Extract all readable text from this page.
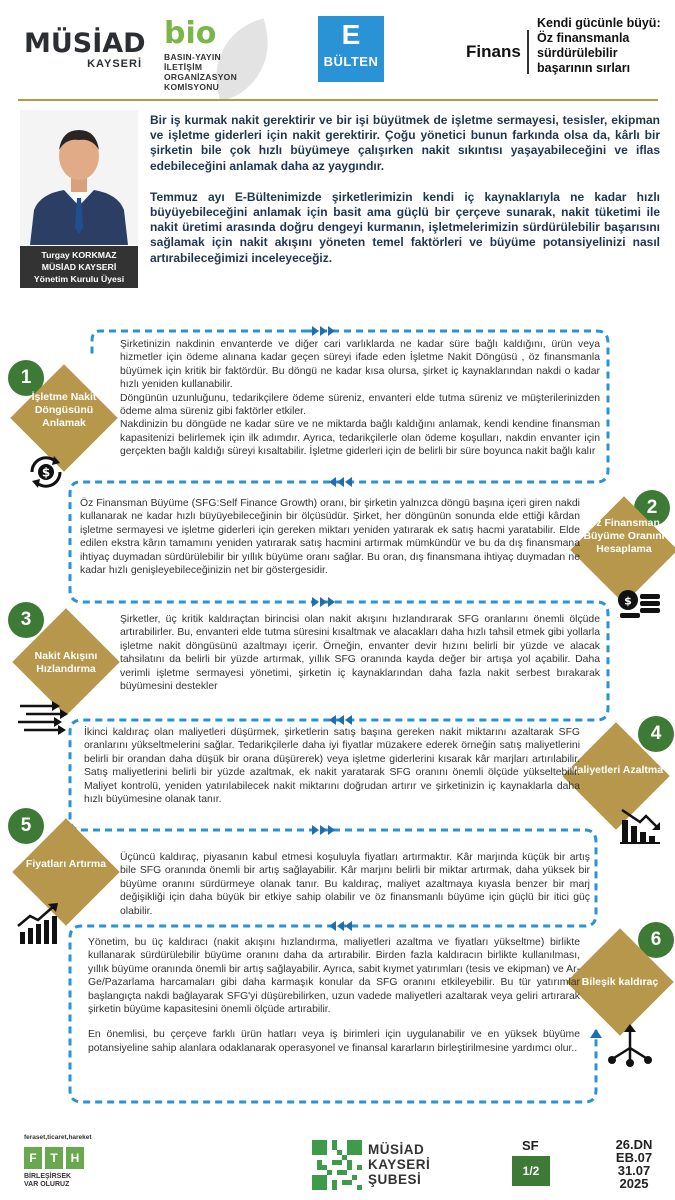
MÜSİAD
KAYSERİ
bio
BASIN-YAYIN
İLETİŞİM
ORGANİZASYON
KOMİSYONU
E
BÜLTEN
Finans
Kendi gücünle büyü: Öz finansmanla sürdürülebilir başarının sırları
Turgay KORKMAZ
MÜSİAD KAYSERİ
Yönetim Kurulu Üyesi

Bir iş kurmak nakit gerektirir ve bir işi büyütmek de işletme sermayesi, tesisler, ekipman ve işletme giderleri için nakit gerektirir. Çoğu yönetici bunun farkında olsa da, kârlı bir şirketin bile çok hızlı büyümeye çalışırken nakit sıkıntısı yaşayabileceğini ve iflas edebileceğini anlamak daha az yaygındır.

Temmuz ayı E-Bültenimizde şirketlerimizin kendi iç kaynaklarıyla ne kadar hızlı büyüyebileceğini anlamak için basit ama güçlü bir çerçeve sunarak, nakit tüketimi ile nakit üretimi arasında doğru dengeyi kurmanın, işletmelerimizin sürdürülebilir başarısını sağlamak için nakit akışını yöneten temel faktörleri ve büyüme potansiyelinizi nasıl artırabileceğimizi inceleyeceğiz.

1
İşletme Nakit Döngüsünü Anlamak
$

Şirketinizin nakdinin envanterde ve diğer cari varlıklarda ne kadar süre bağlı kaldığını, ürün veya hizmetler için ödeme alınana kadar geçen süreyi ifade eden İşletme Nakit Döngüsü , öz finansmanla büyümek için kritik bir faktördür. Bu döngü ne kadar kısa olursa, şirket iç kaynaklarından nakdi o kadar hızlı yeniden kullanabilir.

Döngünün uzunluğunu, tedarikçilere ödeme süreniz, envanteri elde tutma süreniz ve müşterilerinizden ödeme alma süreniz gibi faktörler etkiler.

Nakdinizin bu döngüde ne kadar süre ve ne miktarda bağlı kaldığını anlamak, kendi kendine finansman kapasitenizi belirlemek için ilk adımdır. Ayrıca, tedarikçilerle olan ödeme koşulları, nakdin envanter için gerçekten bağlı kaldığı süreyi kısaltabilir. İşletme giderleri için de belirli bir süre boyunca nakit bağlı kalır

2
Öz Finansman Büyüme Oranını Hesaplama
$

Öz Finansman Büyüme (SFG:Self Finance Growth) oranı, bir şirketin yalnızca döngü başına içeri giren nakdi kullanarak ne kadar hızlı büyüyebileceğinin bir ölçüsüdür. Şirket, her döngünün sonunda elde ettiği kârdan işletme sermayesi ve işletme giderleri için gereken miktarı yeniden yatırarak ek satış hacmi yaratabilir. Elde edilen ekstra kârın tamamını yeniden yatırarak satış hacmini artırmak mümkündür ve bu da dış finansmana ihtiyaç duymadan sürdürülebilir bir yıllık büyüme oranı sağlar. Bu oran, dış finansmana ihtiyaç duymadan ne kadar hızlı genişleyebileceğinizin net bir göstergesidir.

3
Nakit Akışını Hızlandırma

Şirketler, üç kritik kaldıraçtan birincisi olan nakit akışını hızlandırarak SFG oranlarını önemli ölçüde artırabilirler. Bu, envanteri elde tutma süresini kısaltmak ve alacakları daha hızlı tahsil etmek gibi yollarla işletme nakit döngüsünü azaltmayı içerir. Örneğin, envanter devir hızını belirli bir yüzde ve alacak tahsilatını da belirli bir yüzde artırmak, yıllık SFG oranında kayda değer bir artışa yol açabilir. Daha verimli işletme sermayesi yönetimi, şirketin iç kaynaklarından daha fazla nakit serbest bırakarak büyümesini destekler

4
Maliyetleri Azaltma

İkinci kaldıraç olan maliyetleri düşürmek, şirketlerin satış başına gereken nakit miktarını azaltarak SFG oranlarını yükseltmelerini sağlar. Tedarikçilerle daha iyi fiyatlar müzakere ederek örneğin satış maliyetlerini belirli bir orandan daha düşük bir orana düşürerek) veya işletme giderlerini kısarak kâr marjları artırılabilir. Satış maliyetlerini belirli bir yüzde azaltmak, ek nakit yaratarak SFG oranını önemli ölçüde yükseltebilir. Maliyet kontrolü, yeniden yatırılabilecek nakit miktarını doğrudan artırır ve şirketinizin iç kaynaklarla daha hızlı büyümesine olanak tanır.

5
Fiyatları Artırma

Üçüncü kaldıraç, piyasanın kabul etmesi koşuluyla fiyatları artırmaktır. Kâr marjında küçük bir artış bile SFG oranında önemli bir artış sağlayabilir. Kâr marjını belirli bir miktar artırmak, daha yüksek bir büyüme oranını sürdürmeye olanak tanır. Bu kaldıraç, maliyet azaltmaya kıyasla benzer bir marj değişikliği için daha büyük bir etkiye sahip olabilir ve öz finansmanlı büyüme için güçlü bir itici güç olabilir.

6
Bileşik kaldıraç

Yönetim, bu üç kaldıracı (nakit akışını hızlandırma, maliyetleri azaltma ve fiyatları yükseltme) birlikte kullanarak sürdürülebilir büyüme oranını daha da artırabilir. Birden fazla kaldıracın birlikte kullanılması, yıllık büyüme oranında önemli bir artış sağlayabilir. Ayrıca, sabit kıymet yatırımları (tesis ve ekipman) ve Ar-Ge/Pazarlama harcamaları gibi daha karmaşık konular da SFG oranını etkileyebilir. Bu tür yatırımlar başlangıçta nakdi bağlayarak SFG'yi düşürebilirken, uzun vadede maliyetleri azaltarak veya geliri artırarak şirketin büyüme kapasitesini önemli ölçüde artırabilir.

En önemlisi, bu çerçeve farklı ürün hatları veya iş birimleri için uygulanabilir ve en yüksek büyüme potansiyeline sahip alanlara odaklanarak operasyonel ve finansal kararların birleştirilmesine yardımcı olur..

feraset,ticaret,hareket
F	T	H
BİRLEŞİRSEK
VAR OLURUZ
MÜSİAD
KAYSERİ
ŞUBESİ
SF
1/2
26.DN
EB.07
31.07
2025
